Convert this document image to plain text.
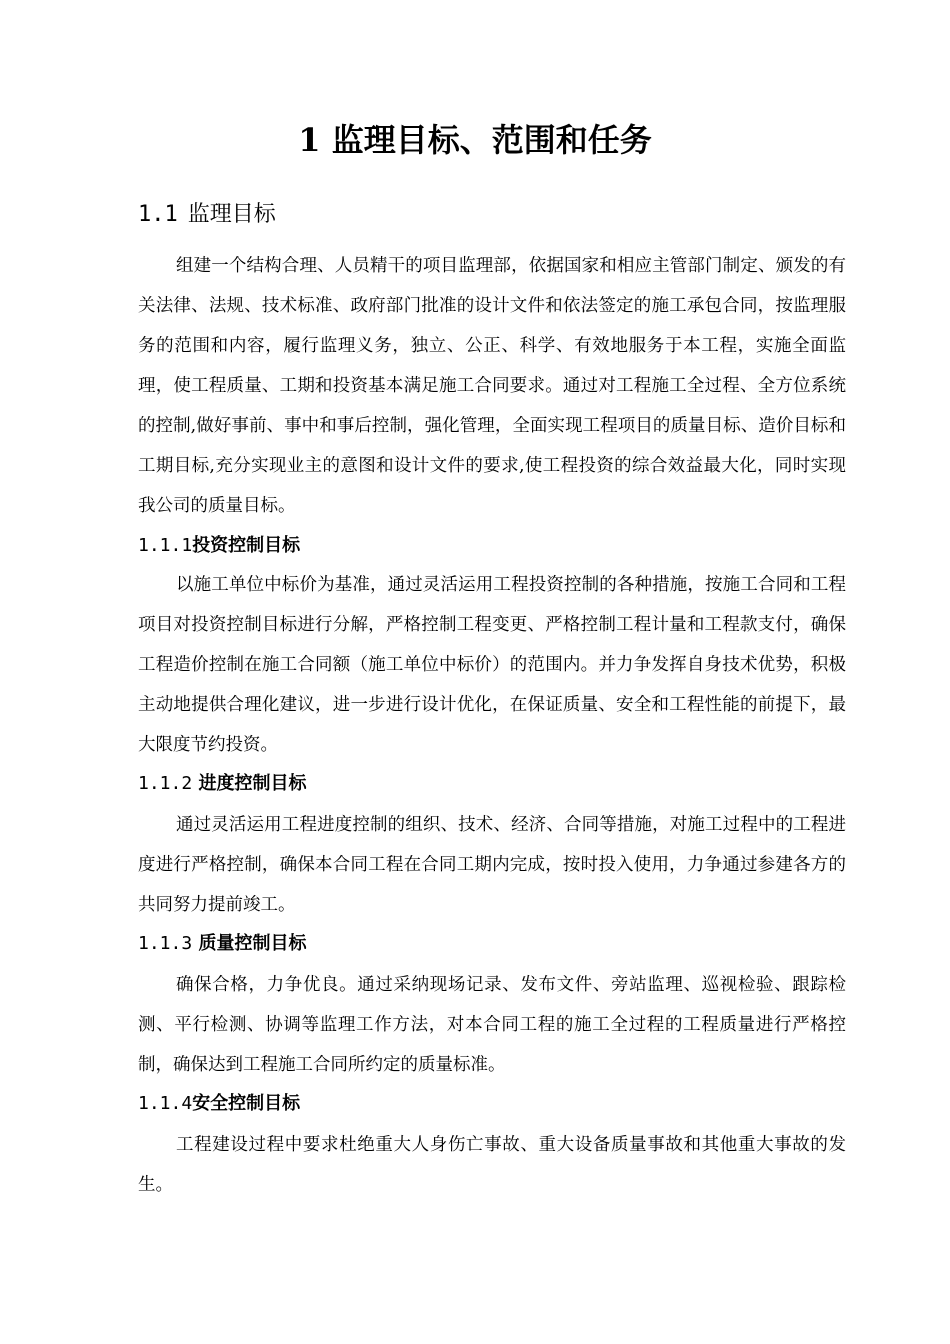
1 监理目标、范围和任务
1.1 监理目标

组建一个结构合理、人员精干的项目监理部，依据国家和相应主管部门制定、颁发的有关法律、法规、技术标准、政府部门批准的设计文件和依法签定的施工承包合同，按监理服务的范围和内容，履行监理义务，独立、公正、科学、有效地服务于本工程，实施全面监理，使工程质量、工期和投资基本满足施工合同要求。通过对工程施工全过程、全方位系统的控制,做好事前、事中和事后控制，强化管理，全面实现工程项目的质量目标、造价目标和工期目标,充分实现业主的意图和设计文件的要求,使工程投资的综合效益最大化，同时实现我公司的质量目标。

1.1.1投资控制目标

以施工单位中标价为基准，通过灵活运用工程投资控制的各种措施，按施工合同和工程项目对投资控制目标进行分解，严格控制工程变更、严格控制工程计量和工程款支付，确保工程造价控制在施工合同额（施工单位中标价）的范围内。并力争发挥自身技术优势，积极主动地提供合理化建议，进一步进行设计优化，在保证质量、安全和工程性能的前提下，最大限度节约投资。

1.1.2 进度控制目标

通过灵活运用工程进度控制的组织、技术、经济、合同等措施，对施工过程中的工程进度进行严格控制，确保本合同工程在合同工期内完成，按时投入使用，力争通过参建各方的共同努力提前竣工。

1.1.3 质量控制目标

确保合格，力争优良。通过采纳现场记录、发布文件、旁站监理、巡视检验、跟踪检测、平行检测、协调等监理工作方法，对本合同工程的施工全过程的工程质量进行严格控制，确保达到工程施工合同所约定的质量标准。

1.1.4安全控制目标

工程建设过程中要求杜绝重大人身伤亡事故、重大设备质量事故和其他重大事故的发生。
